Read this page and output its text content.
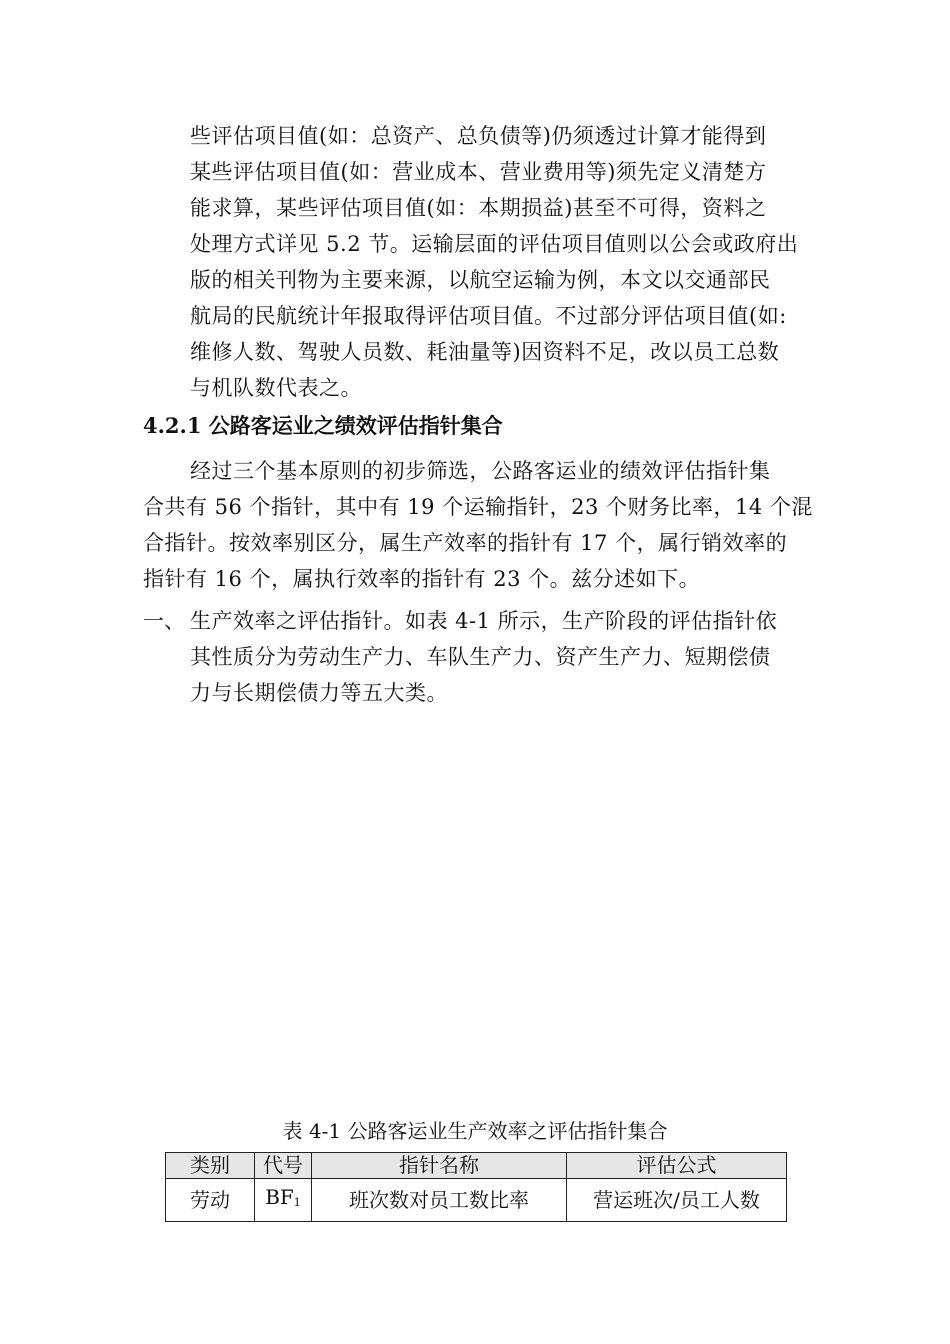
些评估项目值(如：总资产、总负债等)仍须透过计算才能得到
某些评估项目值(如：营业成本、营业费用等)须先定义清楚方
能求算，某些评估项目值(如：本期损益)甚至不可得，资料之
处理方式详见 5.2 节。运输层面的评估项目值则以公会或政府出
版的相关刊物为主要来源，以航空运输为例，本文以交通部民
航局的民航统计年报取得评估项目值。不过部分评估项目值(如:
维修人数、驾驶人员数、耗油量等)因资料不足，改以员工总数
与机队数代表之。
4.2.1 公路客运业之绩效评估指针集合
经过三个基本原则的初步筛选，公路客运业的绩效评估指针集
合共有 56 个指针，其中有 19 个运输指针，23 个财务比率，14 个混
合指针。按效率别区分，属生产效率的指针有 17 个，属行销效率的
指针有 16 个，属执行效率的指针有 23 个。兹分述如下。
一、 生产效率之评估指针。如表 4-1 所示，生产阶段的评估指针依
其性质分为劳动生产力、车队生产力、资产生产力、短期偿债
力与长期偿债力等五大类。
表 4-1 公路客运业生产效率之评估指针集合
类别	代号	指针名称	评估公式
劳动	$BF_1$	班次数对员工数比率	营运班次/员工人数
